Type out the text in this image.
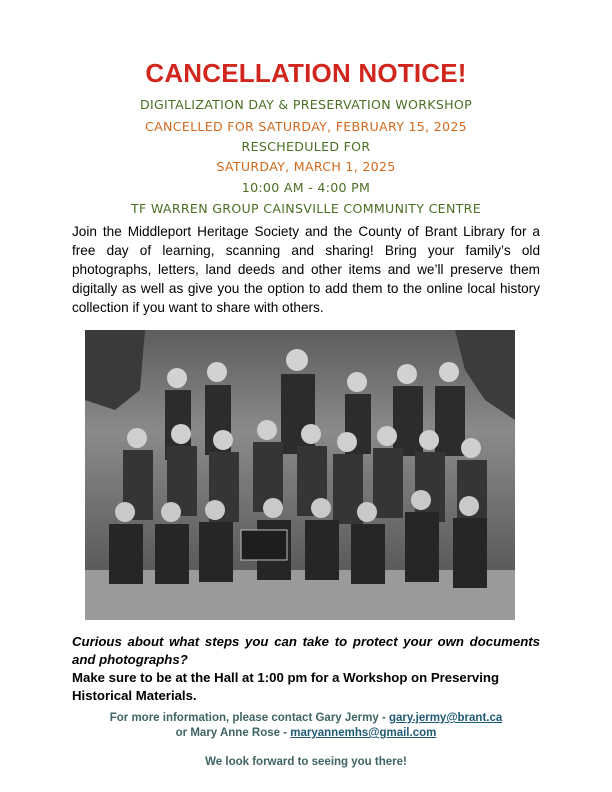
CANCELLATION NOTICE!
DIGITALIZATION DAY & PRESERVATION WORKSHOP
CANCELLED FOR SATURDAY, FEBRUARY 15, 2025
RESCHEDULED FOR
SATURDAY, MARCH 1, 2025
10:00 AM - 4:00 PM
TF WARREN GROUP CAINSVILLE COMMUNITY CENTRE
Join the Middleport Heritage Society and the County of Brant Library for a free day of learning, scanning and sharing! Bring your family’s old photographs, letters, land deeds and other items and we’ll preserve them digitally as well as give you the option to add them to the online local history collection if you want to share with others.
Curious about what steps you can take to protect your own documents and photographs?
Make sure to be at the Hall at 1:00 pm for a Workshop on Preserving Historical Materials.
For more information, please contact Gary Jermy - gary.jermy@brant.ca
or Mary Anne Rose - maryannemhs@gmail.com
We look forward to seeing you there!
